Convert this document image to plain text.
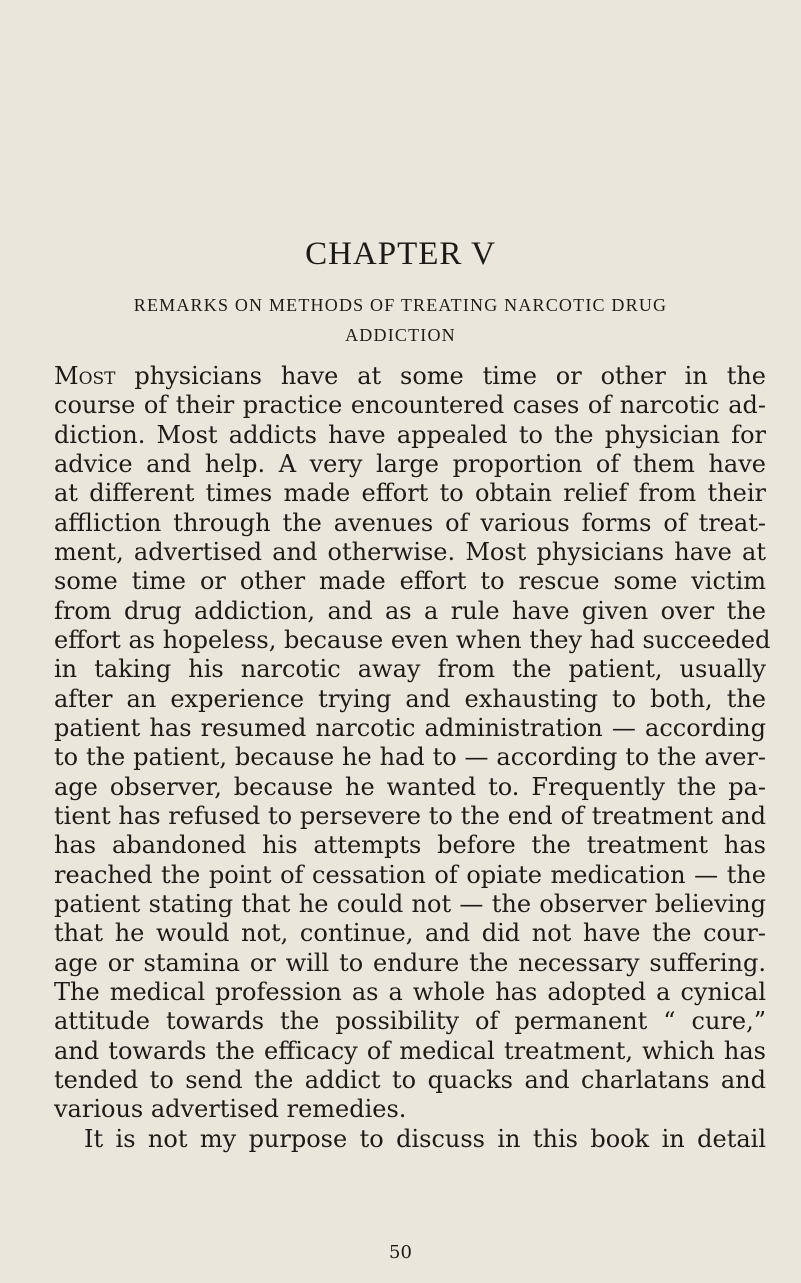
CHAPTER V
REMARKS ON METHODS OF TREATING NARCOTIC DRUG
ADDICTION
Most physicians have at some time or other in the
course of their practice encountered cases of narcotic ad-
diction. Most addicts have appealed to the physician for
advice and help. A very large proportion of them have
at different times made effort to obtain relief from their
affliction through the avenues of various forms of treat-
ment, advertised and otherwise. Most physicians have at
some time or other made effort to rescue some victim
from drug addiction, and as a rule have given over the
effort as hopeless, because even when they had succeeded
in taking his narcotic away from the patient, usually
after an experience trying and exhausting to both, the
patient has resumed narcotic administration — according
to the patient, because he had to — according to the aver-
age observer, because he wanted to. Frequently the pa-
tient has refused to persevere to the end of treatment and
has abandoned his attempts before the treatment has
reached the point of cessation of opiate medication — the
patient stating that he could not — the observer believing
that he would not, continue, and did not have the cour-
age or stamina or will to endure the necessary suffering.
The medical profession as a whole has adopted a cynical
attitude towards the possibility of permanent “ cure,”
and towards the efficacy of medical treatment, which has
tended to send the addict to quacks and charlatans and
various advertised remedies.
It is not my purpose to discuss in this book in detail

50
